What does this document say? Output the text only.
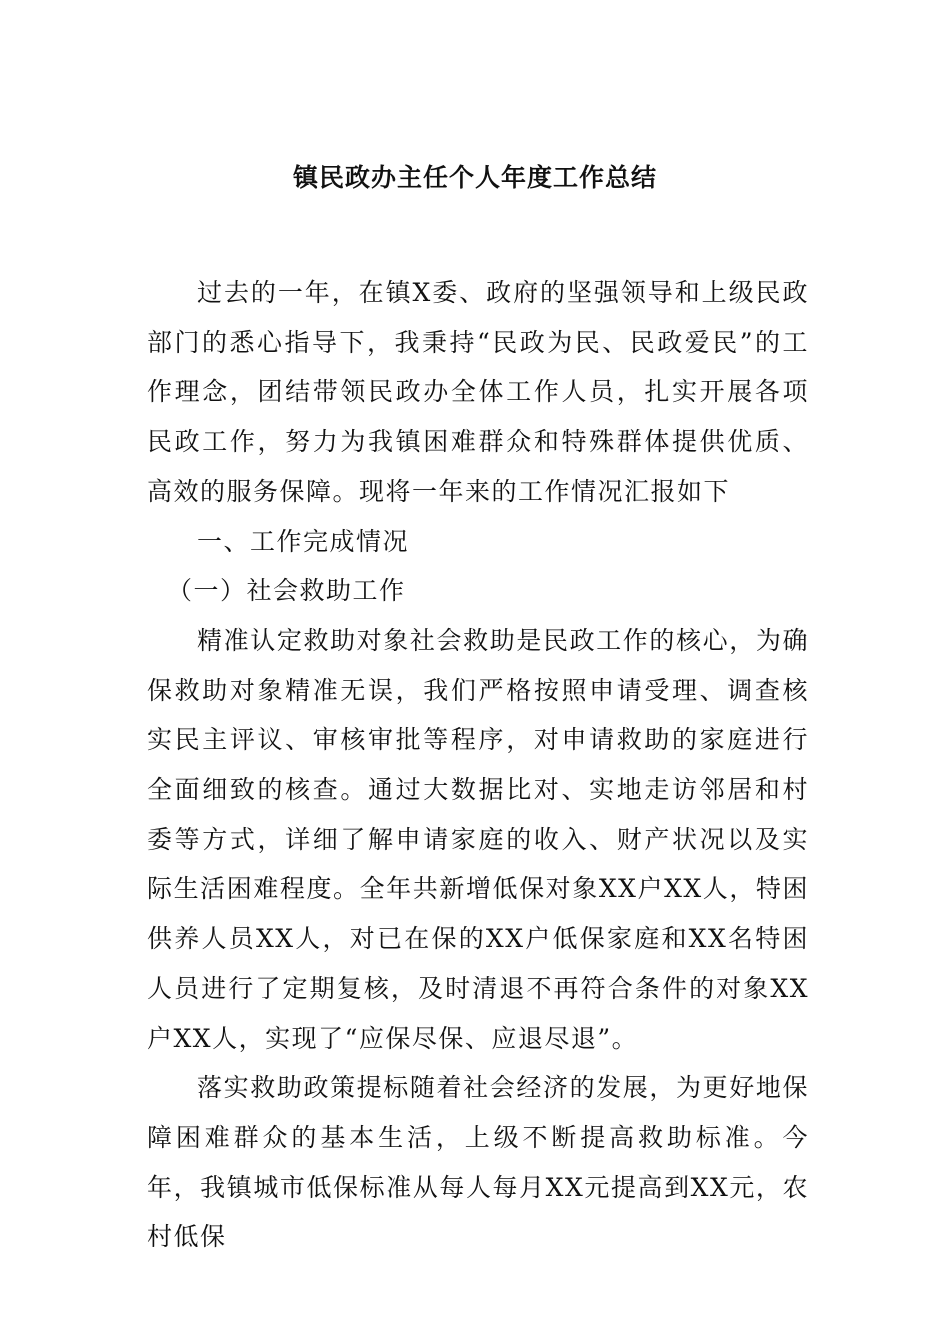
镇民政办主任个人年度工作总结

过去的一年，在镇X委、政府的坚强领导和上级民政部门的悉心指导下，我秉持“民政为民、民政爱民”的工作理念，团结带领民政办全体工作人员，扎实开展各项民政工作，努力为我镇困难群众和特殊群体提供优质、高效的服务保障。现将一年来的工作情况汇报如下

一、工作完成情况

（一）社会救助工作

精准认定救助对象社会救助是民政工作的核心，为确保救助对象精准无误，我们严格按照申请受理、调查核实民主评议、审核审批等程序，对申请救助的家庭进行全面细致的核查。通过大数据比对、实地走访邻居和村委等方式，详细了解申请家庭的收入、财产状况以及实际生活困难程度。全年共新增低保对象XX户XX人，特困供养人员XX人，对已在保的XX户低保家庭和XX名特困人员进行了定期复核，及时清退不再符合条件的对象XX户XX人，实现了“应保尽保、应退尽退”。

落实救助政策提标随着社会经济的发展，为更好地保障困难群众的基本生活，上级不断提高救助标准。今年，我镇城市低保标准从每人每月XX元提高到XX元，农村低保
